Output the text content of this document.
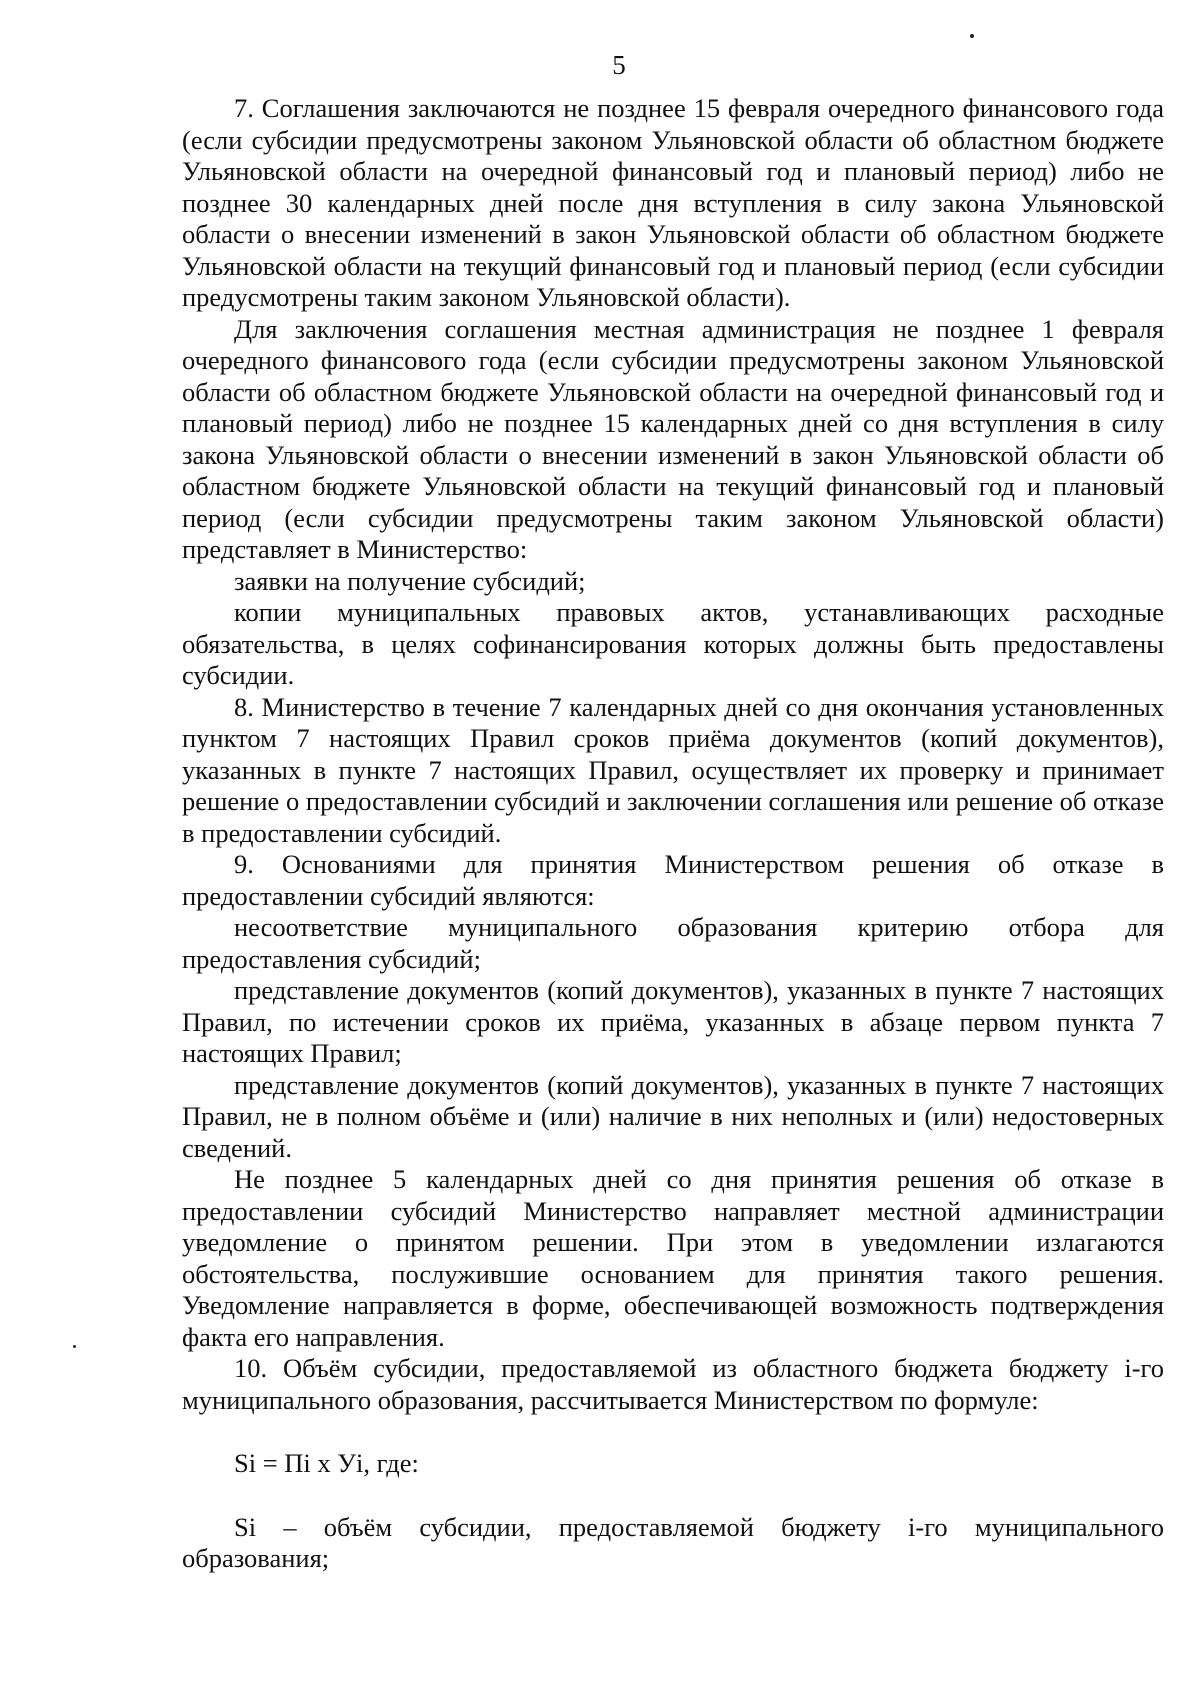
5

7. Соглашения заключаются не позднее 15 февраля очередного финансового года (если субсидии предусмотрены законом Ульяновской области об областном бюджете Ульяновской области на очередной финансовый год и плановый период) либо не позднее 30 календарных дней после дня вступления в силу закона Ульяновской области о внесении изменений в закон Ульяновской области об областном бюджете Ульяновской области на текущий финансовый год и плановый период (если субсидии предусмотрены таким законом Ульяновской области).

Для заключения соглашения местная администрация не позднее 1 февраля очередного финансового года (если субсидии предусмотрены законом Ульяновской области об областном бюджете Ульяновской области на очередной финансовый год и плановый период) либо не позднее 15 календарных дней со дня вступления в силу закона Ульяновской области о внесении изменений в закон Ульяновской области об областном бюджете Ульяновской области на текущий финансовый год и плановый период (если субсидии предусмотрены таким законом Ульяновской области) представляет в Министерство:

заявки на получение субсидий;

копии муниципальных правовых актов, устанавливающих расходные обязательства, в целях софинансирования которых должны быть предоставлены субсидии.

8. Министерство в течение 7 календарных дней со дня окончания установленных пунктом 7 настоящих Правил сроков приёма документов (копий документов), указанных в пункте 7 настоящих Правил, осуществляет их проверку и принимает решение о предоставлении субсидий и заключении соглашения или решение об отказе в предоставлении субсидий.

9. Основаниями для принятия Министерством решения об отказе в предоставлении субсидий являются:

несоответствие муниципального образования критерию отбора для предоставления субсидий;

представление документов (копий документов), указанных в пункте 7 настоящих Правил, по истечении сроков их приёма, указанных в абзаце первом пункта 7 настоящих Правил;

представление документов (копий документов), указанных в пункте 7 настоящих Правил, не в полном объёме и (или) наличие в них неполных и (или) недостоверных сведений.

Не позднее 5 календарных дней со дня принятия решения об отказе в предоставлении субсидий Министерство направляет местной администрации уведомление о принятом решении. При этом в уведомлении излагаются обстоятельства, послужившие основанием для принятия такого решения. Уведомление направляется в форме, обеспечивающей возможность подтверждения факта его направления.

10. Объём субсидии, предоставляемой из областного бюджета бюджету i-го муниципального образования, рассчитывается Министерством по формуле:

Si = Пi х Уi, где:

Si – объём субсидии, предоставляемой бюджету i-го муниципального образования;
